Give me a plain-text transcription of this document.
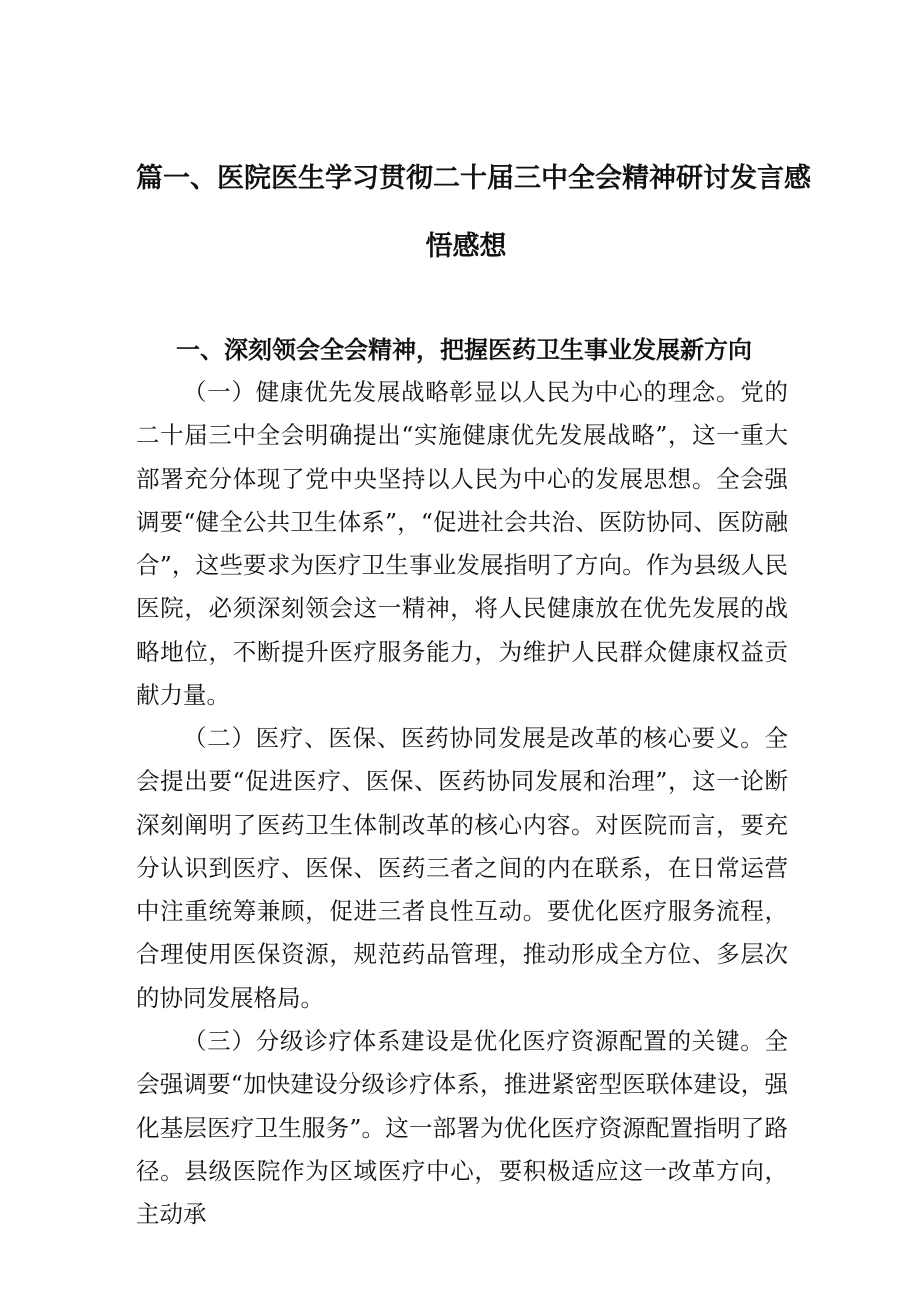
篇一、医院医生学习贯彻二十届三中全会精神研讨发言感
悟感想
一、深刻领会全会精神，把握医药卫生事业发展新方向

（一）健康优先发展战略彰显以人民为中心的理念。党的二十届三中全会明确提出“实施健康优先发展战略”，这一重大部署充分体现了党中央坚持以人民为中心的发展思想。全会强调要“健全公共卫生体系”，“促进社会共治、医防协同、医防融合”，这些要求为医疗卫生事业发展指明了方向。作为县级人民医院，必须深刻领会这一精神，将人民健康放在优先发展的战略地位，不断提升医疗服务能力，为维护人民群众健康权益贡献力量。

（二）医疗、医保、医药协同发展是改革的核心要义。全会提出要“促进医疗、医保、医药协同发展和治理”，这一论断深刻阐明了医药卫生体制改革的核心内容。对医院而言，要充分认识到医疗、医保、医药三者之间的内在联系，在日常运营中注重统筹兼顾，促进三者良性互动。要优化医疗服务流程，合理使用医保资源，规范药品管理，推动形成全方位、多层次的协同发展格局。

（三）分级诊疗体系建设是优化医疗资源配置的关键。全会强调要“加快建设分级诊疗体系，推进紧密型医联体建设，强化基层医疗卫生服务”。这一部署为优化医疗资源配置指明了路径。县级医院作为区域医疗中心，要积极适应这一改革方向，主动承
